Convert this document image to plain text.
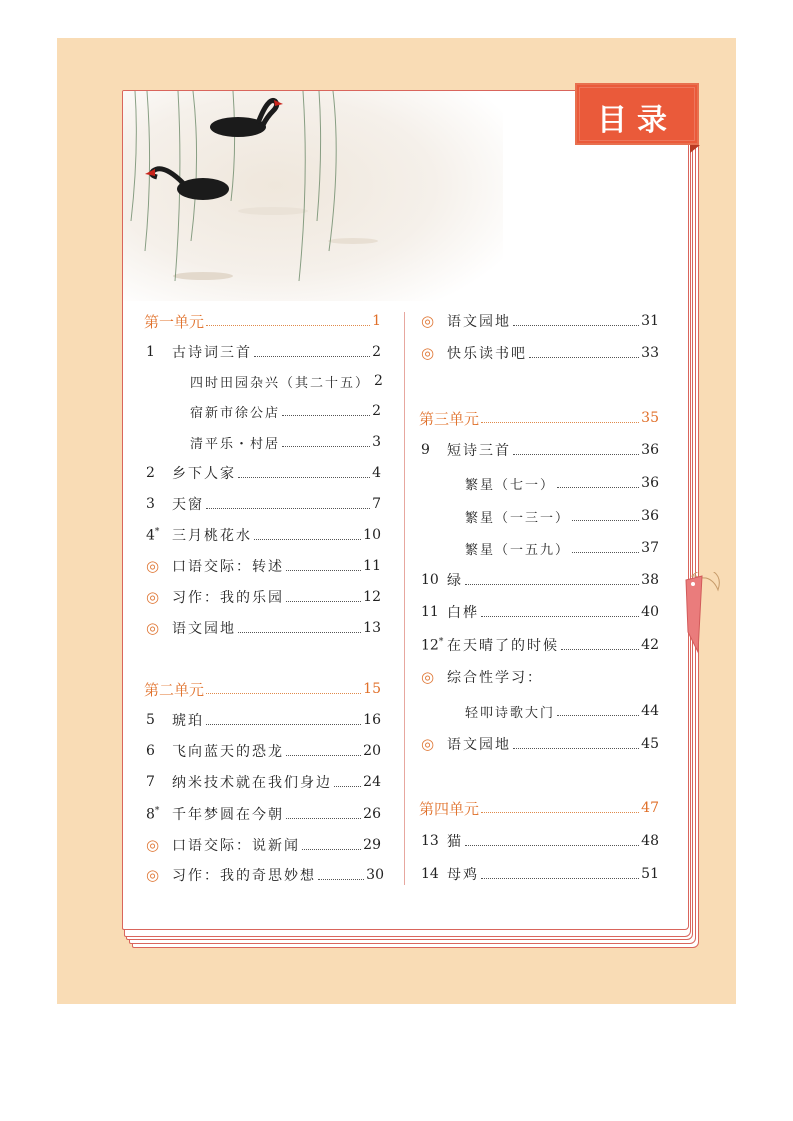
目录
第一单元	1
1	古诗词三首	2
四时田园杂兴（其二十五） 2
宿新市徐公店	2
清平乐・村居	3
2	乡下人家	4
3	天窗	7
4* 三月桃花水	10
◎ 口语交际：转述	11
◎ 习作：我的乐园	12
◎ 语文园地	13
第二单元	15
5	琥珀	16
6	飞向蓝天的恐龙	20
7	纳米技术就在我们身边 24
8* 千年梦圆在今朝	26
◎ 口语交际：说新闻	29
◎ 习作：我的奇思妙想	30
◎ 语文园地	31
◎ 快乐读书吧	33
第三单元	35
9	短诗三首	36
繁星（七一）	36
繁星（一三一）	36
繁星（一五九）	37
10 绿	38
11 白桦	40
12* 在天晴了的时候	42
◎ 综合性学习：
轻叩诗歌大门	44
◎ 语文园地	45
第四单元	47
13 猫	48
14 母鸡	51
